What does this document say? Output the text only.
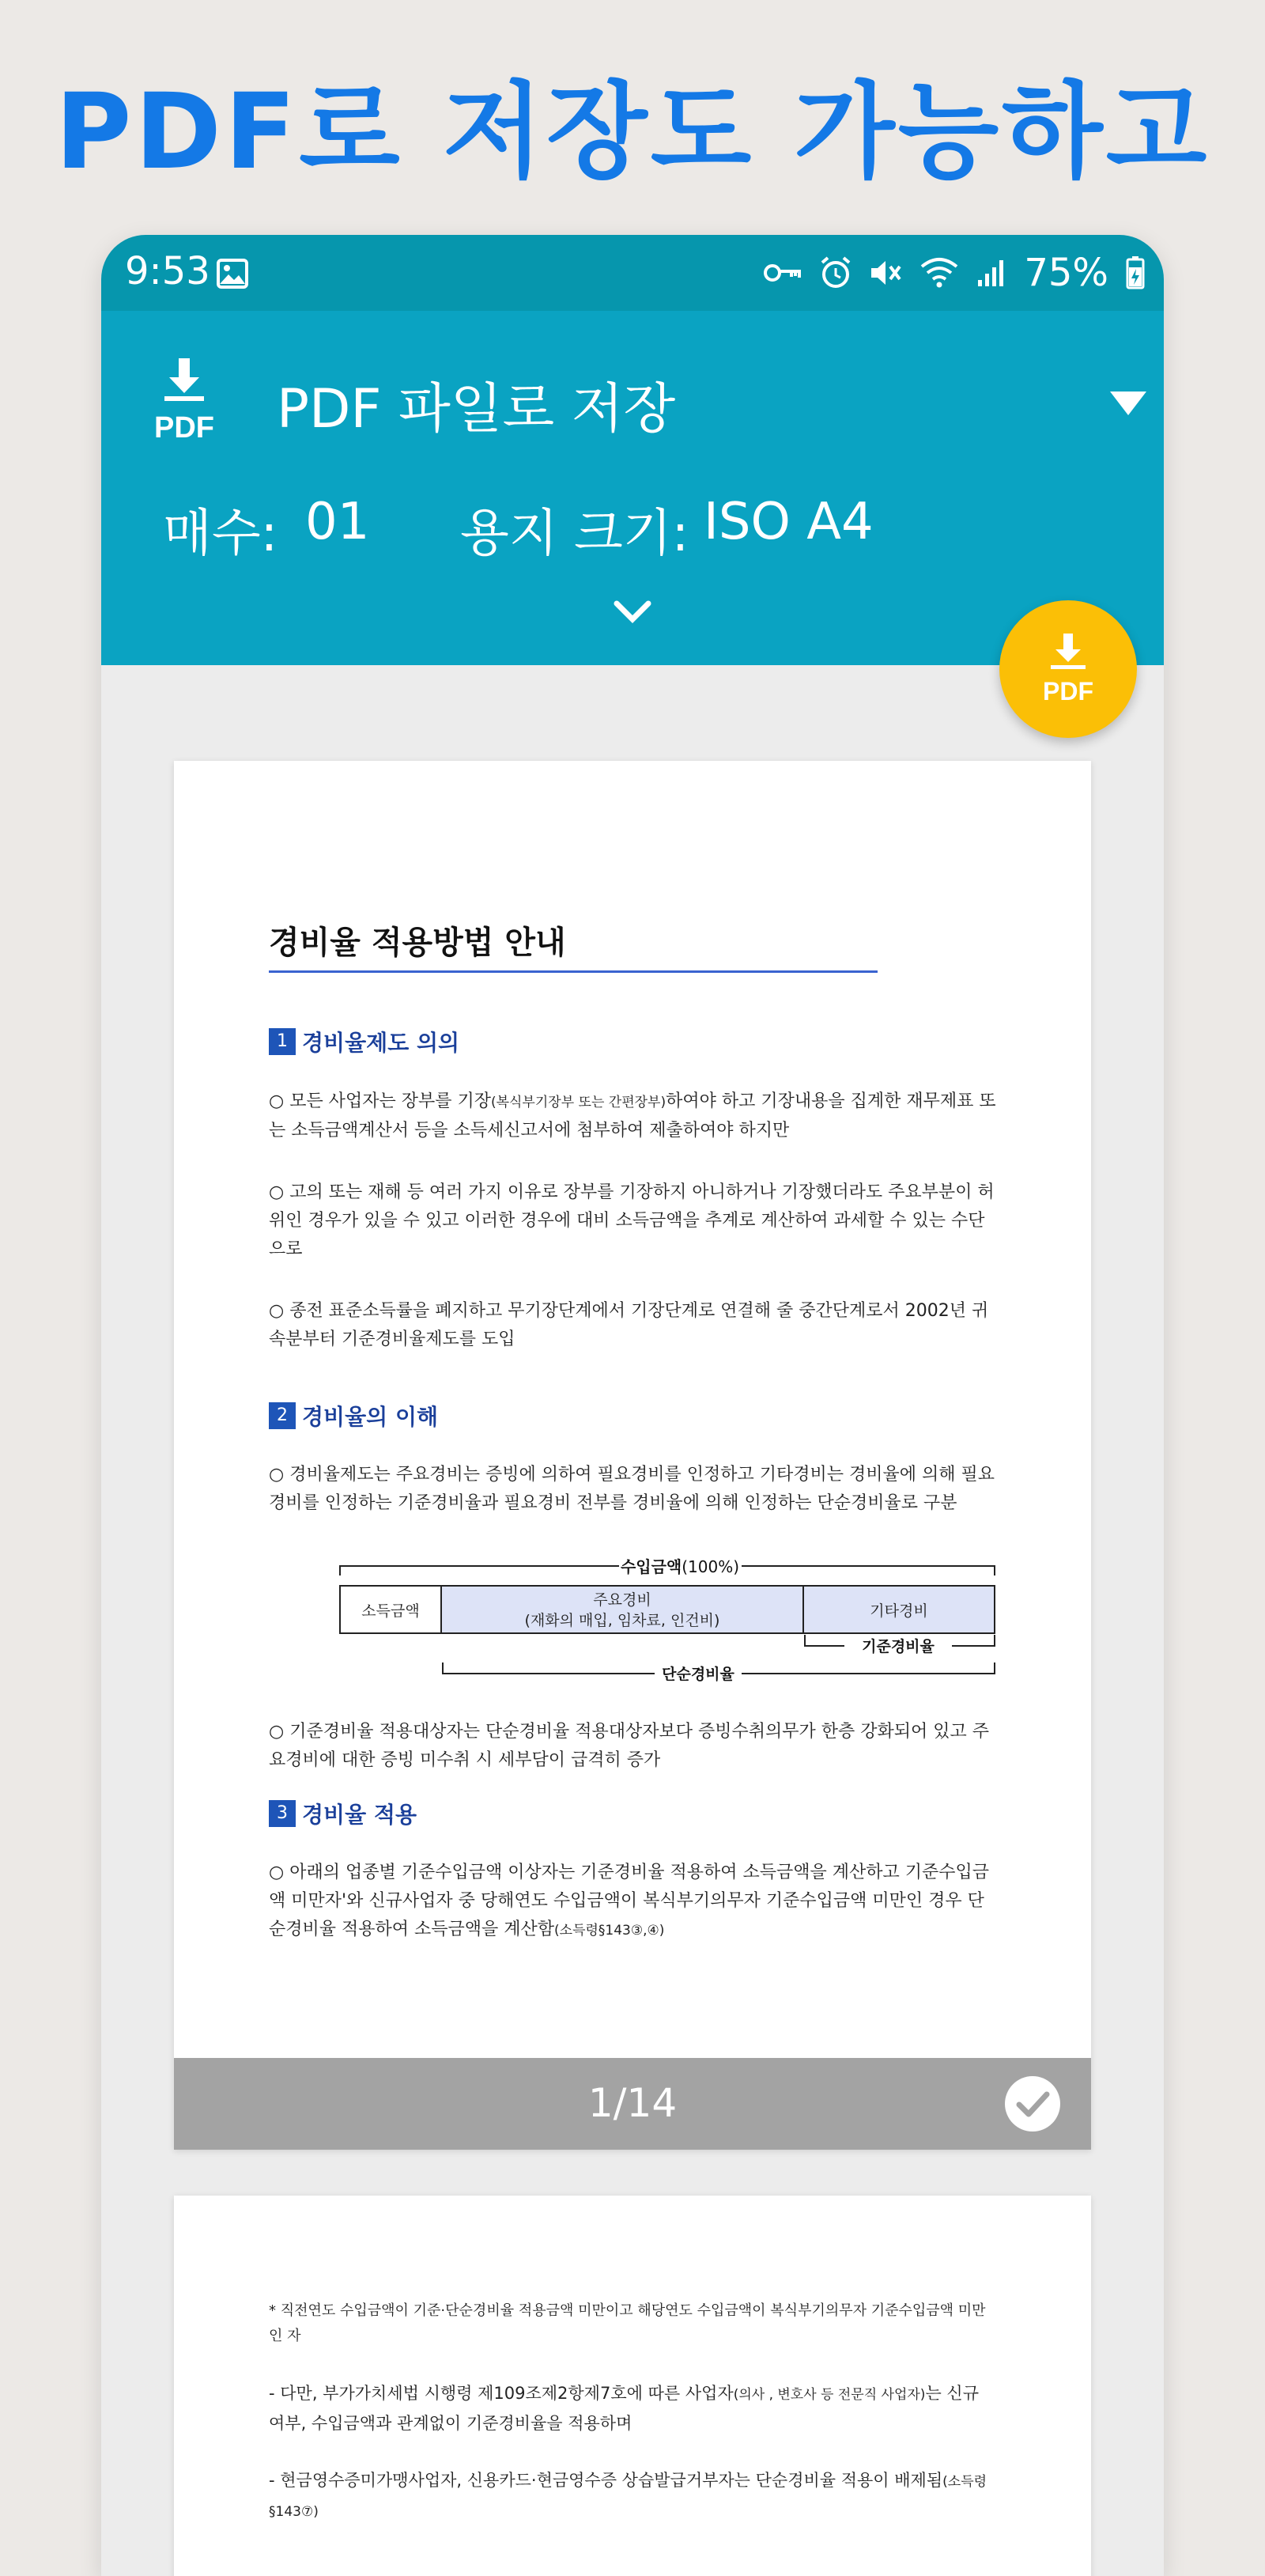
PDF로 저장도 가능하고
9:53	75%
PDF PDF 파일로 저장
매수: 01	용지 크기: ISO A4
PDF
경비율 적용방법 안내
1 경비율제도 의의
○ 모든 사업자는 장부를 기장(복식부기장부 또는 간편장부)하여야 하고 기장내용을 집계한 재무제표 또는 소득금액계산서 등을 소득세신고서에 첨부하여 제출하여야 하지만
○ 고의 또는 재해 등 여러 가지 이유로 장부를 기장하지 아니하거나 기장했더라도 주요부분이 허위인 경우가 있을 수 있고 이러한 경우에 대비 소득금액을 추계로 계산하여 과세할 수 있는 수단으로
○ 종전 표준소득률을 폐지하고 무기장단계에서 기장단계로 연결해 줄 중간단계로서 2002년 귀속분부터 기준경비율제도를 도입
2 경비율의 이해
○ 경비율제도는 주요경비는 증빙에 의하여 필요경비를 인정하고 기타경비는 경비율에 의해 필요경비를 인정하는 기준경비율과 필요경비 전부를 경비율에 의해 인정하는 단순경비율로 구분
수입금액(100%)
소득금액
주요경비
(재화의 매입, 임차료, 인건비)
기타경비
기준경비율
단순경비율
○ 기준경비율 적용대상자는 단순경비율 적용대상자보다 증빙수취의무가 한층 강화되어 있고 주요경비에 대한 증빙 미수취 시 세부담이 급격히 증가
3 경비율 적용
○ 아래의 업종별 기준수입금액 이상자는 기준경비율 적용하여 소득금액을 계산하고 기준수입금액 미만자'와 신규사업자 중 당해연도 수입금액이 복식부기의무자 기준수입금액 미만인 경우 단순경비율 적용하여 소득금액을 계산함(소득령§143③,④)
1/14
* 직전연도 수입금액이 기준·단순경비율 적용금액 미만이고 해당연도 수입금액이 복식부기의무자 기준수입금액 미만인 자
- 다만, 부가가치세법 시행령 제109조제2항제7호에 따른 사업자(의사 , 변호사 등 전문직 사업자)는 신규 여부, 수입금액과 관계없이 기준경비율을 적용하며
- 현금영수증미가맹사업자, 신용카드·현금영수증 상습발급거부자는 단순경비율 적용이 배제됨(소득령§143⑦)
